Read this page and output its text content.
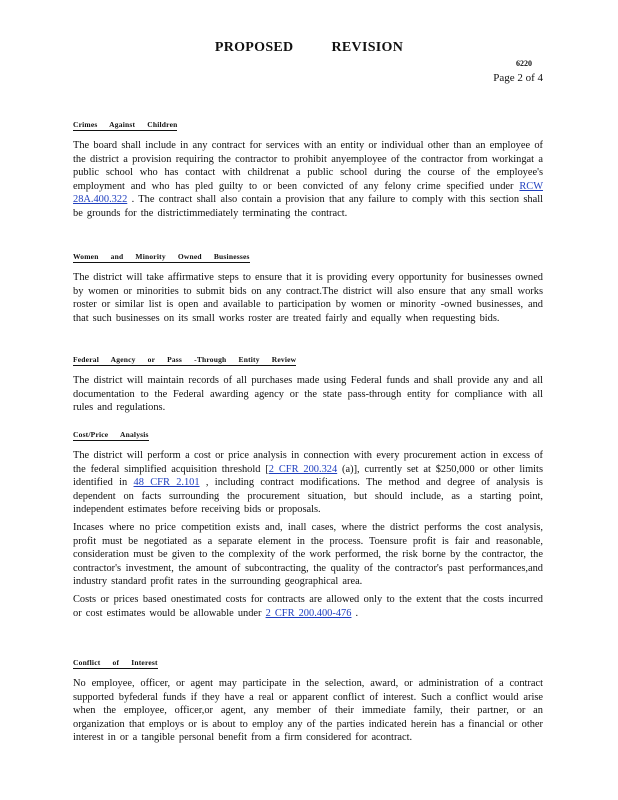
PROPOSED	REVISION
6220
Page 2 of 4
Crimes Against Children

The board shall include in any contract for services with an entity or individual other than an employee of the district a provision requiring the contractor to prohibit anyemployee of the contractor from workingat a public school who has contact with childrenat a public school during the course of the employee's employment and who has pled guilty to or been convicted of any felony crime specified under RCW 28A.400.322 . The contract shall also contain a provision that any failure to comply with this section shall be grounds for the districtimmediately terminating the contract.

Women and Minority Owned Businesses

The district will take affirmative steps to ensure that it is providing every opportunity for businesses owned by women or minorities to submit bids on any contract.The district will also ensure that any small works roster or similar list is open and available to participation by women or minority -owned businesses, and that such businesses on its small works roster are treated fairly and equally when requesting bids.

Federal Agency or Pass -Through Entity Review

The district will maintain records of all purchases made using Federal funds and shall provide any and all documentation to the Federal awarding agency or the state pass-through entity for compliance with all rules and regulations.

Cost/Price Analysis

The district will perform a cost or price analysis in connection with every procurement action in excess of the federal simplified acquisition threshold [2 CFR 200.324 (a)], currently set at $250,000 or other limits identified in 48 CFR 2.101 , including contract modifications. The method and degree of analysis is dependent on facts surrounding the procurement situation, but should include, as a starting point, independent estimates before receiving bids or proposals.

Incases where no price competition exists and, inall cases, where the district performs the cost analysis, profit must be negotiated as a separate element in the process. Toensure profit is fair and reasonable, consideration must be given to the complexity of the work performed, the risk borne by the contractor, the contractor's investment, the amount of subcontracting, the quality of the contractor's past performances,and industry standard profit rates in the surrounding geographical area.

Costs or prices based onestimated costs for contracts are allowed only to the extent that the costs incurred or cost estimates would be allowable under 2 CFR 200.400-476 .

Conflict of Interest

No employee, officer, or agent may participate in the selection, award, or administration of a contract supported byfederal funds if they have a real or apparent conflict of interest. Such a conflict would arise when the employee, officer,or agent, any member of their immediate family, their partner, or an organization that employs or is about to employ any of the parties indicated herein has a financial or other interest in or a tangible personal benefit from a firm considered for acontract.
